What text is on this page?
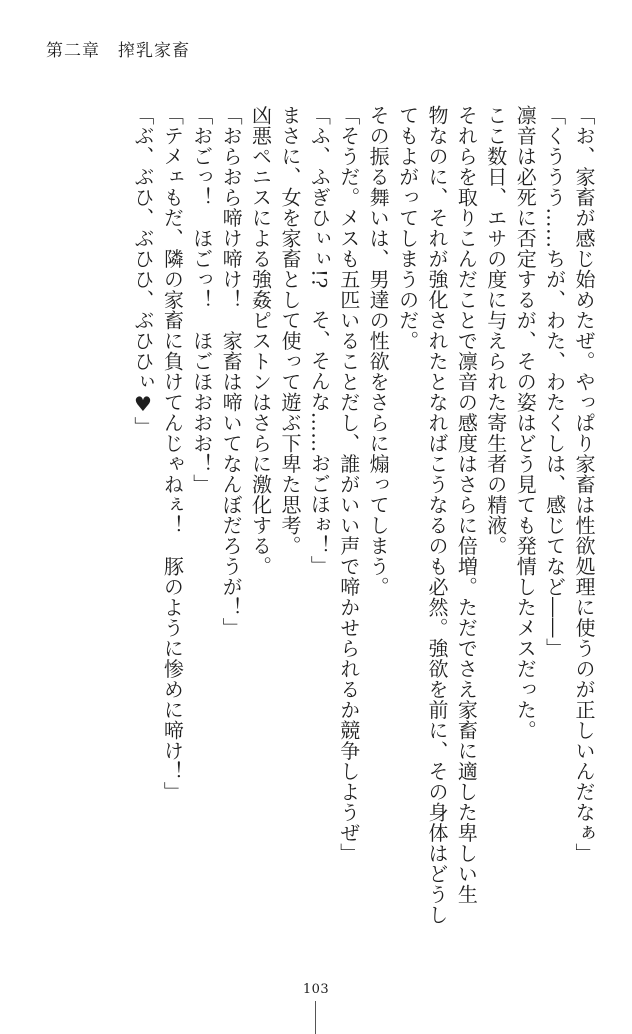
第二章　搾乳家畜
「お、家畜が感じ始めたぜ。やっぱり家畜は性欲処理に使うのが正しいんだなぁ」
「くううう……ちが、わた、わたくしは、感じてなど――」
凛音は必死に否定するが、その姿はどう見ても発情したメスだった。
ここ数日、エサの度に与えられた寄生者の精液。
それらを取りこんだことで凛音の感度はさらに倍増。ただでさえ家畜に適した卑しい生
物なのに、それが強化されたとなればこうなるのも必然。強欲を前に、その身体はどうし
てもよがってしまうのだ。
その振る舞いは、男達の性欲をさらに煽ってしまう。
「そうだ。メスも五匹いることだし、誰がいい声で啼かせられるか競争しようぜ」
「ふ、ふぎひぃぃ!?　そ、そんな……おごほぉ！」
まさに、女を家畜として使って遊ぶ下卑た思考。
凶悪ペニスによる強姦ピストンはさらに激化する。
「おらおら啼け啼け！　家畜は啼いてなんぼだろうが！」
「おごっ！　ほごっ！　ほごほおおお！」
「テメェもだ、隣の家畜に負けてんじゃねぇ！　豚のように惨めに啼け！」
「ぶ、ぶひ、ぶひひ、ぶひひぃ♥」
103
